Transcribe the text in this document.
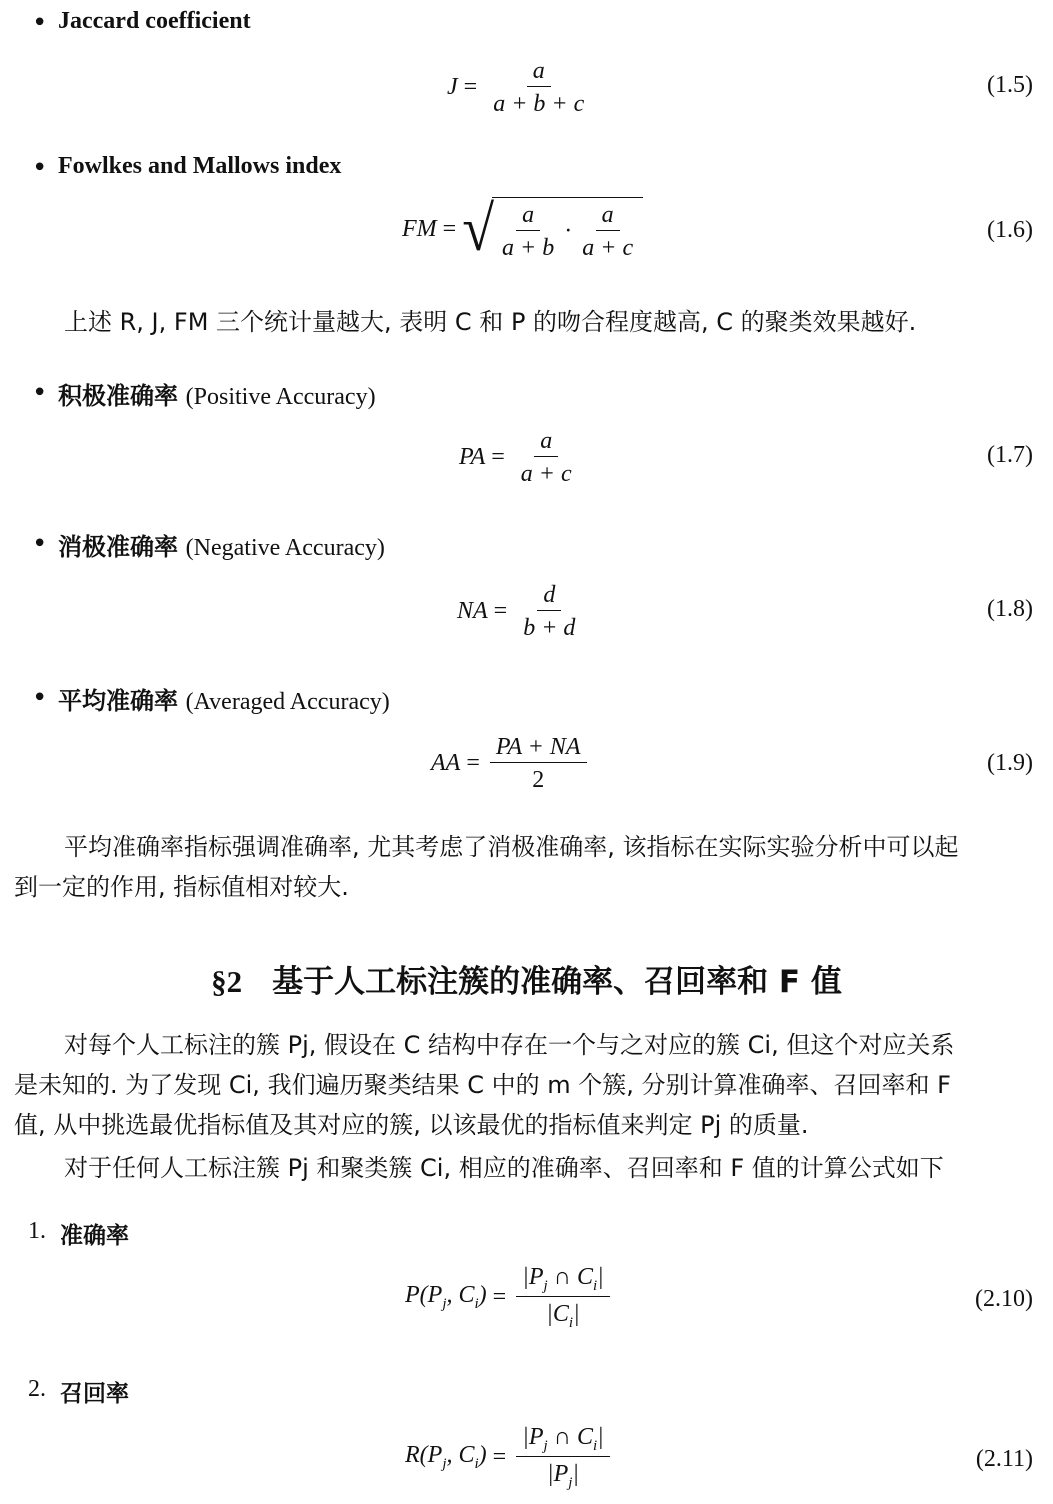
• Jaccard coefficient
$J = \frac{a}{a + b + c}$	(1.5)
• Fowlkes and Mallows index
FM = √ $\frac{a}{a + b} \cdot \frac{a}{a + c}$	(1.6)
上述 R, J, FM 三个统计量越大, 表明 C 和 P 的吻合程度越高, C 的聚类效果越好.
• 积极准确率 (Positive Accuracy)
PA = $\frac{a}{a + c}$	(1.7)
• 消极准确率 (Negative Accuracy)
NA = $\frac{d}{b + d}$	(1.8)
• 平均准确率 (Averaged Accuracy)
AA = $\frac{PA + NA}{2}$	(1.9)
平均准确率指标强调准确率, 尤其考虑了消极准确率, 该指标在实际实验分析中可以起
到一定的作用, 指标值相对较大.
§2 基于人工标注簇的准确率、召回率和 F 值
对每个人工标注的簇 Pj, 假设在 C 结构中存在一个与之对应的簇 Ci, 但这个对应关系
是未知的. 为了发现 Ci, 我们遍历聚类结果 C 中的 m 个簇, 分别计算准确率、召回率和 F
值, 从中挑选最优指标值及其对应的簇, 以该最优的指标值来判定 Pj 的质量.
对于任何人工标注簇 Pj 和聚类簇 Ci, 相应的准确率、召回率和 F 值的计算公式如下
1. 准确率
$P(P_j$, $C_i) = \frac{|P_j \cap C_i|}{|C_i|}$	(2.10)
2. 召回率
$R(P_j$, $C_i) = \frac{|P_j \cap C_i|}{|P_j|}$	(2.11)
